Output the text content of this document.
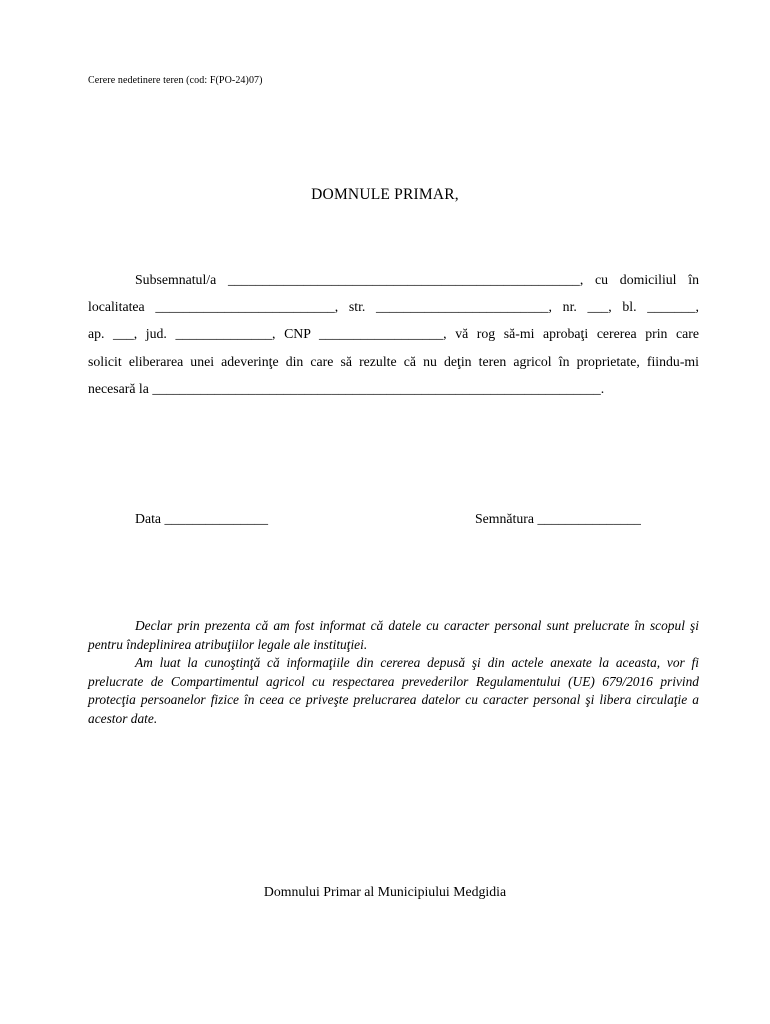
Cerere nedetinere teren (cod: F(PO-24)07)
DOMNULE PRIMAR,
Subsemnatul/a ___________________________________________________, cu domiciliul în
localitatea __________________________, str. _________________________, nr. ___, bl. _______,
ap. ___, jud. ______________, CNP __________________, vă rog să-mi aprobaţi cererea prin care
solicit eliberarea unei adeverinţe din care să rezulte că nu deţin teren agricol în proprietate, fiindu-mi
necesară la _________________________________________________________________.
Data _______________	Semnătura _______________

Declar prin prezenta că am fost informat că datele cu caracter personal sunt prelucrate în scopul şi pentru îndeplinirea atribuţiilor legale ale instituţiei.

Am luat la cunoştinţă că informaţiile din cererea depusă şi din actele anexate la aceasta, vor fi prelucrate de Compartimentul agricol cu respectarea prevederilor Regulamentului (UE) 679/2016 privind protecţia persoanelor fizice în ceea ce priveşte prelucrarea datelor cu caracter personal şi libera circulaţie a acestor date.

Domnului Primar al Municipiului Medgidia
